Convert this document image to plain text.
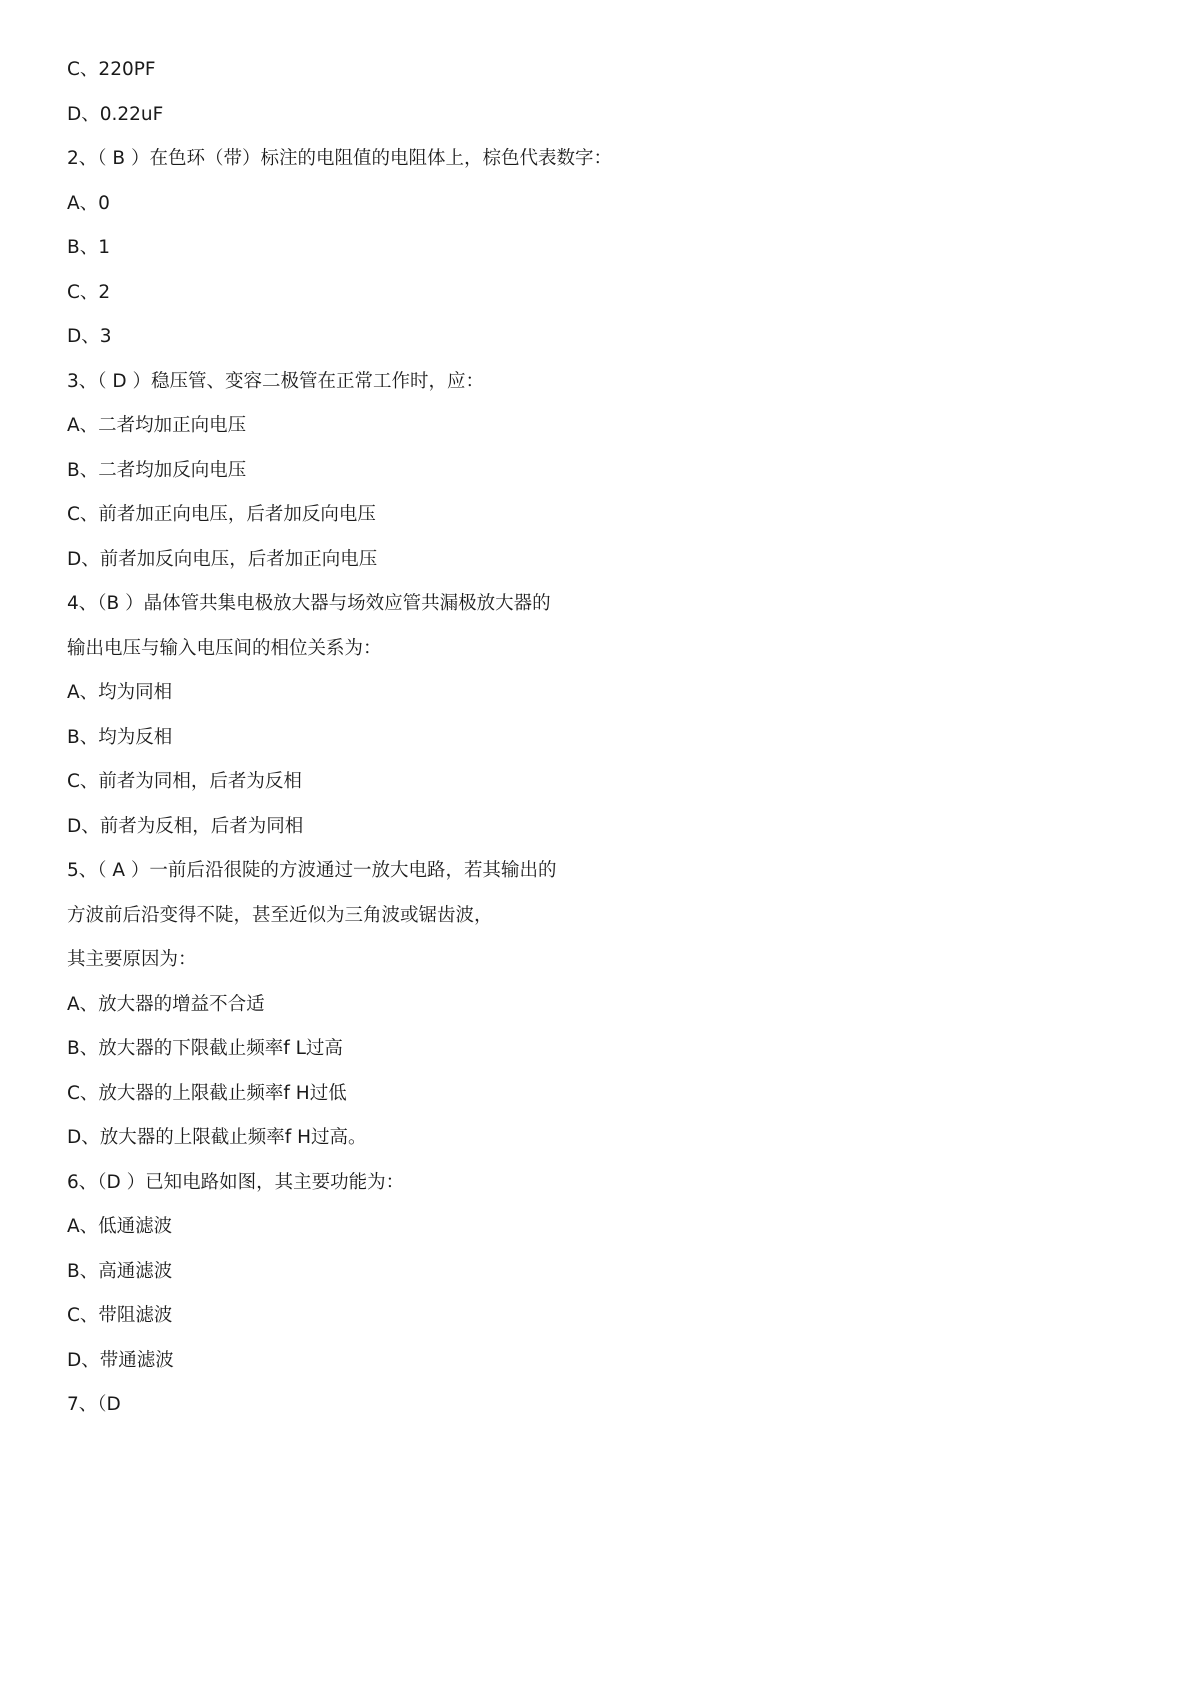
C、220PF
D、0.22uF
2、（ B ）在色环（带）标注的电阻值的电阻体上，棕色代表数字：
A、0
B、1
C、2
D、3
3、（ D ）稳压管、变容二极管在正常工作时，应：
A、二者均加正向电压
B、二者均加反向电压
C、前者加正向电压，后者加反向电压
D、前者加反向电压，后者加正向电压
4、（B ）晶体管共集电极放大器与场效应管共漏极放大器的
输出电压与输入电压间的相位关系为：
A、均为同相
B、均为反相
C、前者为同相，后者为反相
D、前者为反相，后者为同相
5、（ A ）一前后沿很陡的方波通过一放大电路，若其输出的
方波前后沿变得不陡，甚至近似为三角波或锯齿波，
其主要原因为：
A、放大器的增益不合适
B、放大器的下限截止频率f L过高
C、放大器的上限截止频率f H过低
D、放大器的上限截止频率f H过高。
6、（D ）已知电路如图，其主要功能为：
A、低通滤波
B、高通滤波
C、带阻滤波
D、带通滤波
7、（D
